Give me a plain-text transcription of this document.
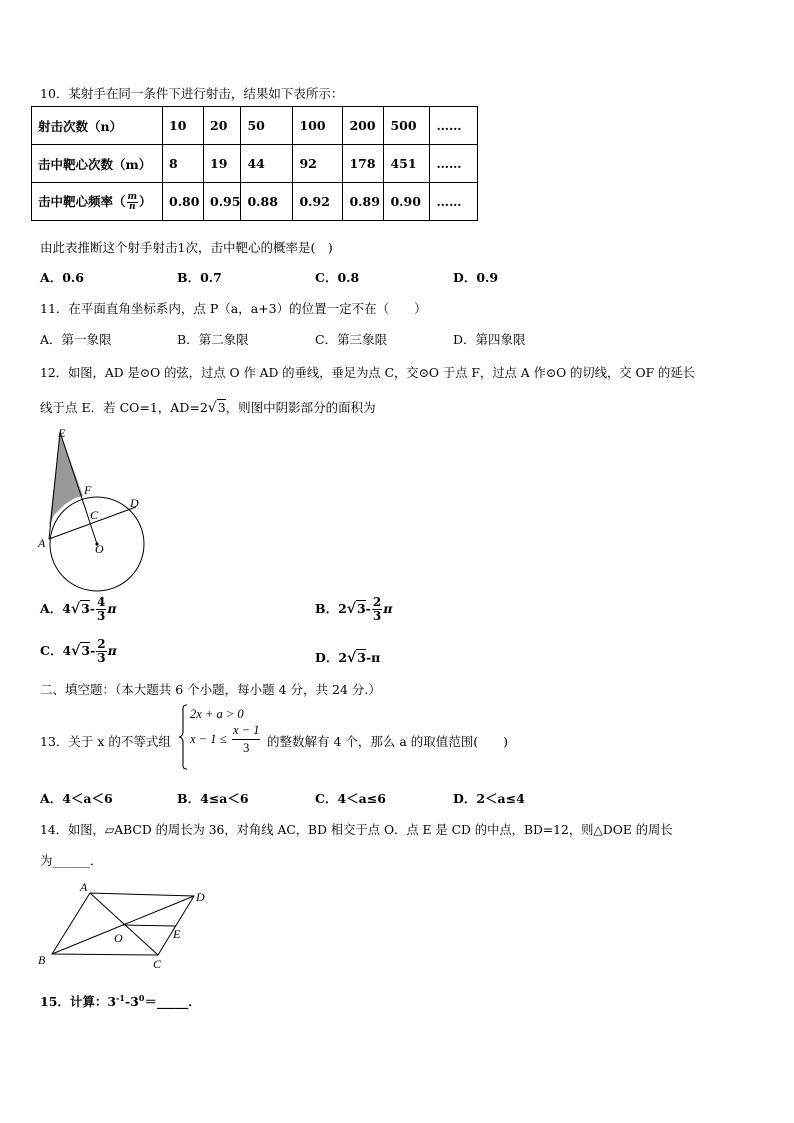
10．某射手在同一条件下进行射击，结果如下表所示：
射击次数（n）	10	20	50	100	200	500	……
击中靶心次数（m）	8	19	44	92	178	451	……
击中靶心频率（ $\frac{m}{n}$ ）	0.80	0.95	0.88	0.92	0.89	0.90	……
由此表推断这个射手射击1次，击中靶心的概率是(　)
A．0.6	B．0.7	C．0.8	D．0.9
11．在平面直角坐标系内，点 P（a，a+3）的位置一定不在（　　）
A．第一象限	B．第二象限	C．第三象限	D．第四象限
12．如图，AD 是⊙O 的弦，过点 O 作 AD 的垂线，垂足为点 C，交⊙O 于点 F，过点 A 作⊙O 的切线，交 OF 的延长
线于点 E．若 CO=1，AD=2√3，则图中阴影部分的面积为
E
F
D
C
A	O
A．$4√3- \frac{4}{3}$ π	B．$2√3- \frac{2}{3}$ π
C．$4√3- \frac{2}{3}$ π	D．2√3-π
二、填空题：（本大题共 6 个小题，每小题 4 分，共 24 分.）
13．关于 x 的不等式组
2x + a > 0
$x - 1 \le \frac{x - 1}{3}$ 的整数解有 4 个，那么 a 的取值范围(　　)
A．4＜a＜6	B．4≤a＜6	C．4＜a≤6	D．2＜a≤4
14．如图，▱ABCD 的周长为 36，对角线 AC，BD 相交于点 O．点 E 是 CD 的中点，BD=12，则△DOE 的周长
为______．
A
D
O	E
B	C
15．计算：$3^{-1}-3^0=\_\_\_\_\_$．
